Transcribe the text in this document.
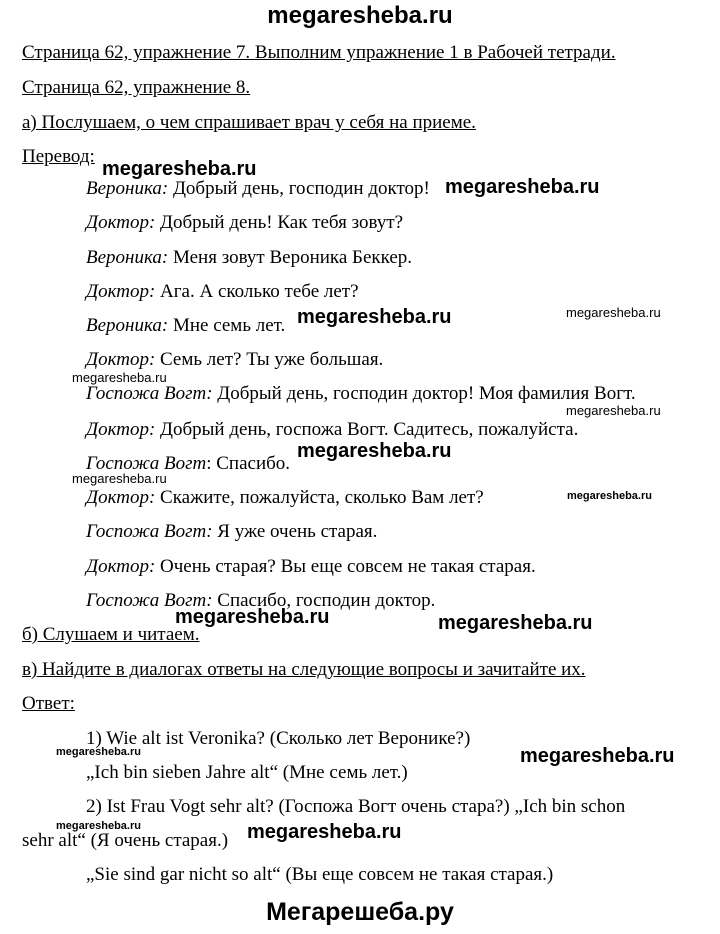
megaresheba.ru
Страница 62, упражнение 7. Выполним упражнение 1 в Рабочей тетради.
Страница 62, упражнение 8.
а) Послушаем, о чем спрашивает врач у себя на приеме.
Перевод:
Вероника: Добрый день, господин доктор!
Доктор: Добрый день! Как тебя зовут?
Вероника: Меня зовут Вероника Беккер.
Доктор: Ага. А сколько тебе лет?
Вероника: Мне семь лет.
Доктор: Семь лет? Ты уже большая.
Госпожа Вогт: Добрый день, господин доктор! Моя фамилия Вогт.
Доктор: Добрый день, госпожа Вогт. Садитесь, пожалуйста.
Госпожа Вогт: Спасибо.
Доктор: Скажите, пожалуйста, сколько Вам лет?
Госпожа Вогт: Я уже очень старая.
Доктор: Очень старая? Вы еще совсем не такая старая.
Госпожа Вогт: Спасибо, господин доктор.
б) Слушаем и читаем.
в) Найдите в диалогах ответы на следующие вопросы и зачитайте их.
Ответ:
1) Wie alt ist Veronika? (Сколько лет Веронике?)
„Ich bin sieben Jahre alt“ (Мне семь лет.)
2) Ist Frau Vogt sehr alt? (Госпожа Вогт очень стара?) „Ich bin schon
sehr alt“ (Я очень старая.)
„Sie sind gar nicht so alt“ (Вы еще совсем не такая старая.)
megaresheba.ru
megaresheba.ru
megaresheba.ru	megaresheba.ru
megaresheba.ru
megaresheba.ru
megaresheba.ru
megaresheba.ru
megaresheba.ru
megaresheba.ru	megaresheba.ru
megaresheba.ru	megaresheba.ru
megaresheba.ru	megaresheba.ru
Мегарешеба.ру
